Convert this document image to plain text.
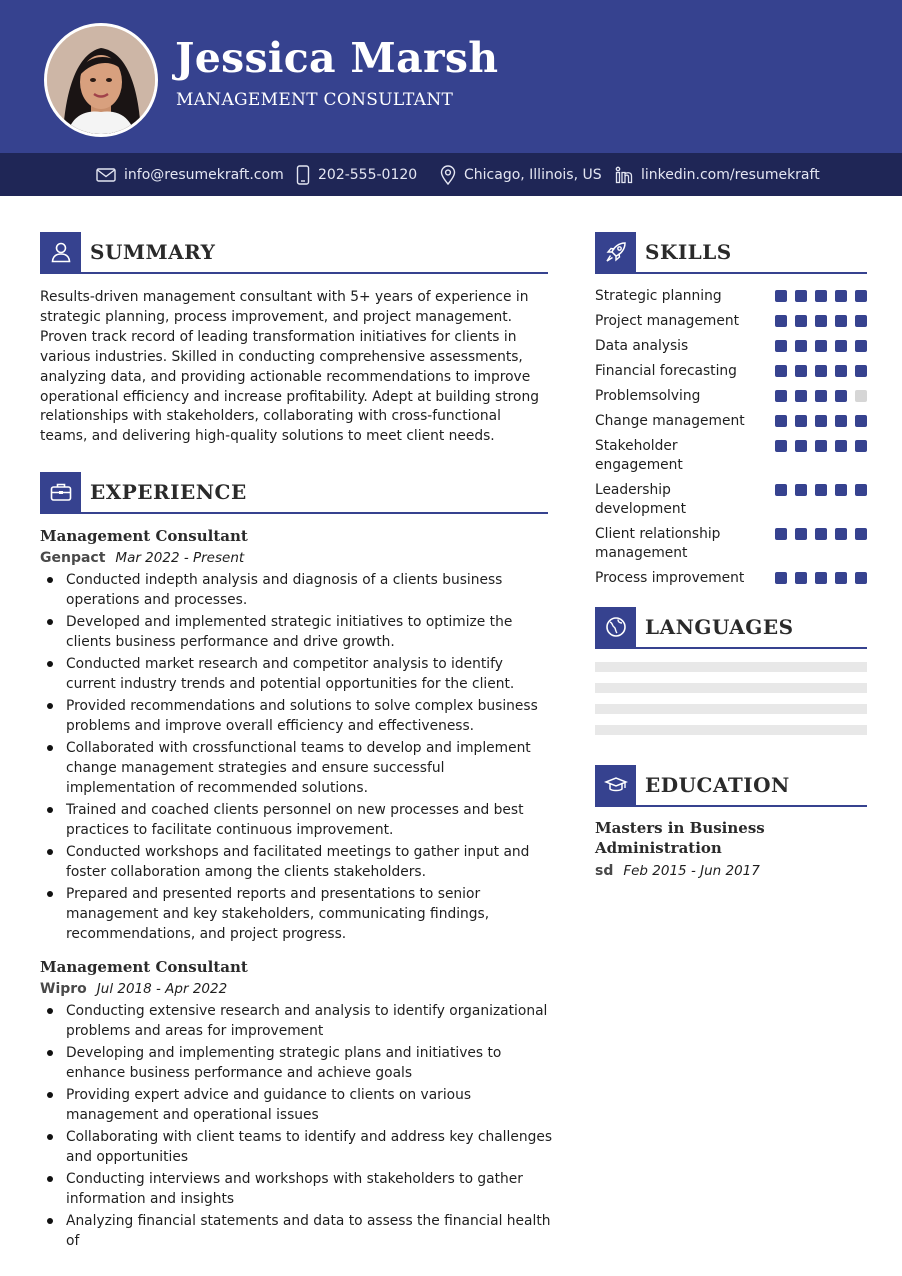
Jessica Marsh
MANAGEMENT CONSULTANT
info@resumekraft.com 202-555-0120	Chicago, Illinois, US	linkedin.com/resumekraft
SUMMARY
Results-driven management consultant with 5+ years of experience in strategic planning, process improvement, and project management. Proven track record of leading transformation initiatives for clients in various industries. Skilled in conducting comprehensive assessments, analyzing data, and providing actionable recommendations to improve operational efficiency and increase profitability. Adept at building strong relationships with stakeholders, collaborating with cross-functional teams, and delivering high-quality solutions to meet client needs.
EXPERIENCE
Management Consultant
Genpact Mar 2022 - Present
Conducted indepth analysis and diagnosis of a clients business operations and processes.
Developed and implemented strategic initiatives to optimize the clients business performance and drive growth.
Conducted market research and competitor analysis to identify current industry trends and potential opportunities for the client.
Provided recommendations and solutions to solve complex business problems and improve overall efficiency and effectiveness.
Collaborated with crossfunctional teams to develop and implement change management strategies and ensure successful implementation of recommended solutions.
Trained and coached clients personnel on new processes and best practices to facilitate continuous improvement.
Conducted workshops and facilitated meetings to gather input and foster collaboration among the clients stakeholders.
Prepared and presented reports and presentations to senior management and key stakeholders, communicating findings, recommendations, and project progress.
Management Consultant
Wipro Jul 2018 - Apr 2022
Conducting extensive research and analysis to identify organizational problems and areas for improvement
Developing and implementing strategic plans and initiatives to enhance business performance and achieve goals
Providing expert advice and guidance to clients on various management and operational issues
Collaborating with client teams to identify and address key challenges and opportunities
Conducting interviews and workshops with stakeholders to gather information and insights
Analyzing financial statements and data to assess the financial health of
SKILLS
Strategic planning
Project management
Data analysis
Financial forecasting
Problemsolving
Change management
Stakeholder engagement
Leadership development
Client relationship management
Process improvement
LANGUAGES
EDUCATION
Masters in Business Administration
sd Feb 2015 - Jun 2017
